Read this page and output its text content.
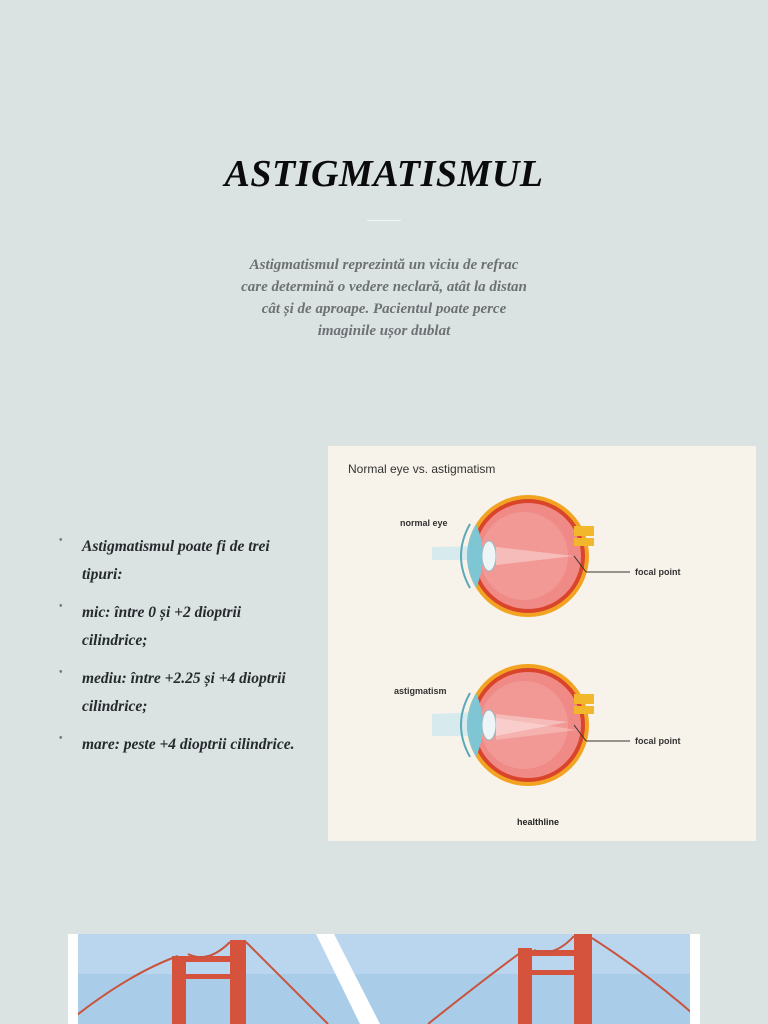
ASTIGMATISMUL

Astigmatismul reprezintă un viciu de refrac
care determină o vedere neclară, atât la distan
cât și de aproape. Pacientul poate perce
imaginile ușor dublat

• Astigmatismul poate fi de trei tipuri:
• mic: între 0 și +2 dioptrii cilindrice;
• mediu: între +2.25 și +4 dioptrii cilindrice;
• mare: peste +4 dioptrii cilindrice.
Normal eye vs. astigmatism
normal eye
focal point
astigmatism
focal point
healthline
